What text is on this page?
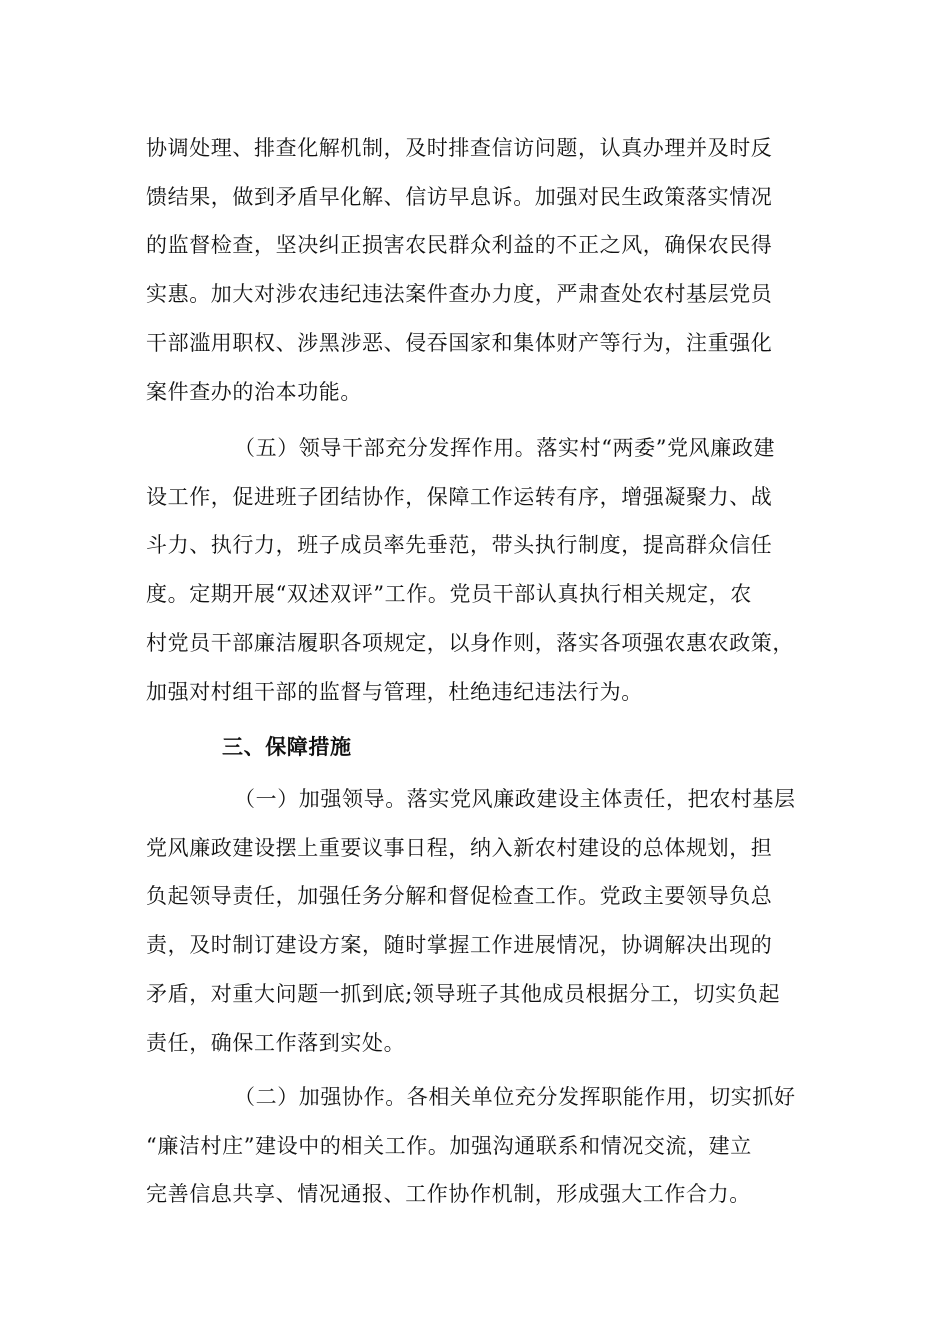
协调处理、排查化解机制，及时排查信访问题，认真办理并及时反
馈结果，做到矛盾早化解、信访早息诉。加强对民生政策落实情况
的监督检查，坚决纠正损害农民群众利益的不正之风，确保农民得
实惠。加大对涉农违纪违法案件查办力度，严肃查处农村基层党员
干部滥用职权、涉黑涉恶、侵吞国家和集体财产等行为，注重强化
案件查办的治本功能。

（五）领导干部充分发挥作用。落实村“两委”党风廉政建
设工作，促进班子团结协作，保障工作运转有序，增强凝聚力、战
斗力、执行力，班子成员率先垂范，带头执行制度，提高群众信任
度。定期开展“双述双评”工作。党员干部认真执行相关规定，农
村党员干部廉洁履职各项规定，以身作则，落实各项强农惠农政策，
加强对村组干部的监督与管理，杜绝违纪违法行为。

三、保障措施

（一）加强领导。落实党风廉政建设主体责任，把农村基层
党风廉政建设摆上重要议事日程，纳入新农村建设的总体规划，担
负起领导责任，加强任务分解和督促检查工作。党政主要领导负总
责，及时制订建设方案，随时掌握工作进展情况，协调解决出现的
矛盾，对重大问题一抓到底;领导班子其他成员根据分工，切实负起
责任，确保工作落到实处。

（二）加强协作。各相关单位充分发挥职能作用，切实抓好
“廉洁村庄”建设中的相关工作。加强沟通联系和情况交流，建立
完善信息共享、情况通报、工作协作机制，形成强大工作合力。
